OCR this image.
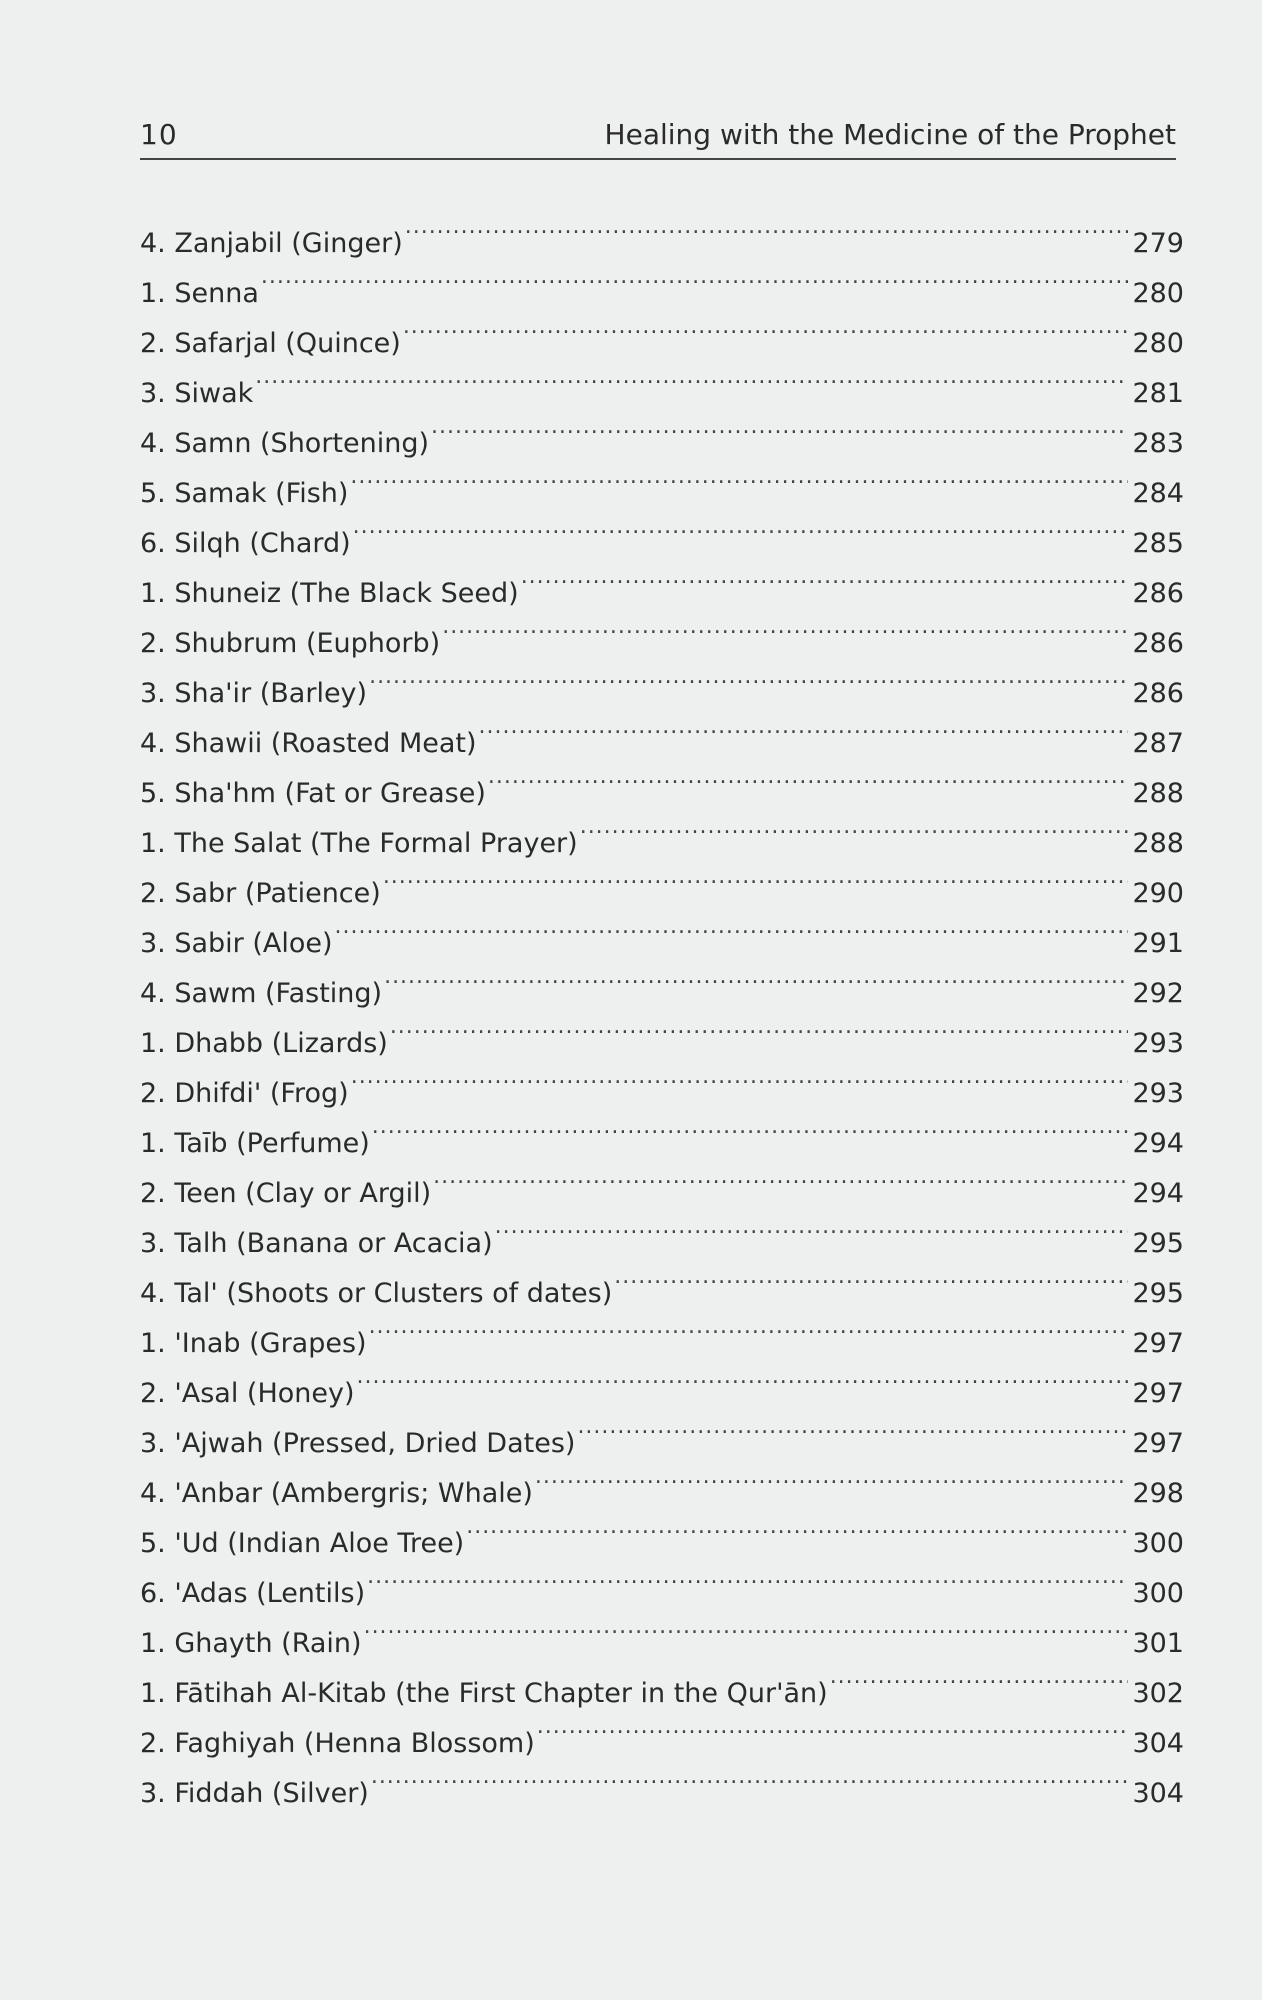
10	Healing with the Medicine of the Prophet
4. Zanjabil (Ginger) . . .	279
1. Senna . . .	280
2. Safarjal (Quince) . . .	280
3. Siwak . . .	281
4. Samn (Shortening) . . .	283
5. Samak (Fish) . . .	284
6. Silqh (Chard) . . .	285
1. Shuneiz (The Black Seed) . . .	286
2. Shubrum (Euphorb) . . .	286
3. Sha'ir (Barley) . . .	286
4. Shawii (Roasted Meat) . . .	287
5. Sha'hm (Fat or Grease) . . .	288
1. The Salat (The Formal Prayer) . . .	288
2. Sabr (Patience) . . .	290
3. Sabir (Aloe) . . .	291
4. Sawm (Fasting) . . .	292
1. Dhabb (Lizards) . . .	293
2. Dhifdi' (Frog) . . .	293
1. Taīb (Perfume) . . .	294
2. Teen (Clay or Argil) . . .	294
3. Talh (Banana or Acacia) . . .	295
4. Tal' (Shoots or Clusters of dates) . . .	295
1. 'Inab (Grapes) . . .	297
2. 'Asal (Honey) . . .	297
3. 'Ajwah (Pressed, Dried Dates) . . .	297
4. 'Anbar (Ambergris; Whale) . . .	298
5. 'Ud (Indian Aloe Tree) . . .	300
6. 'Adas (Lentils) . . .	300
1. Ghayth (Rain) . . .	301
1. Fātihah Al-Kitab (the First Chapter in the Qur'ān) . . .	302
2. Faghiyah (Henna Blossom) . . .	304
3. Fiddah (Silver) . . .	304
